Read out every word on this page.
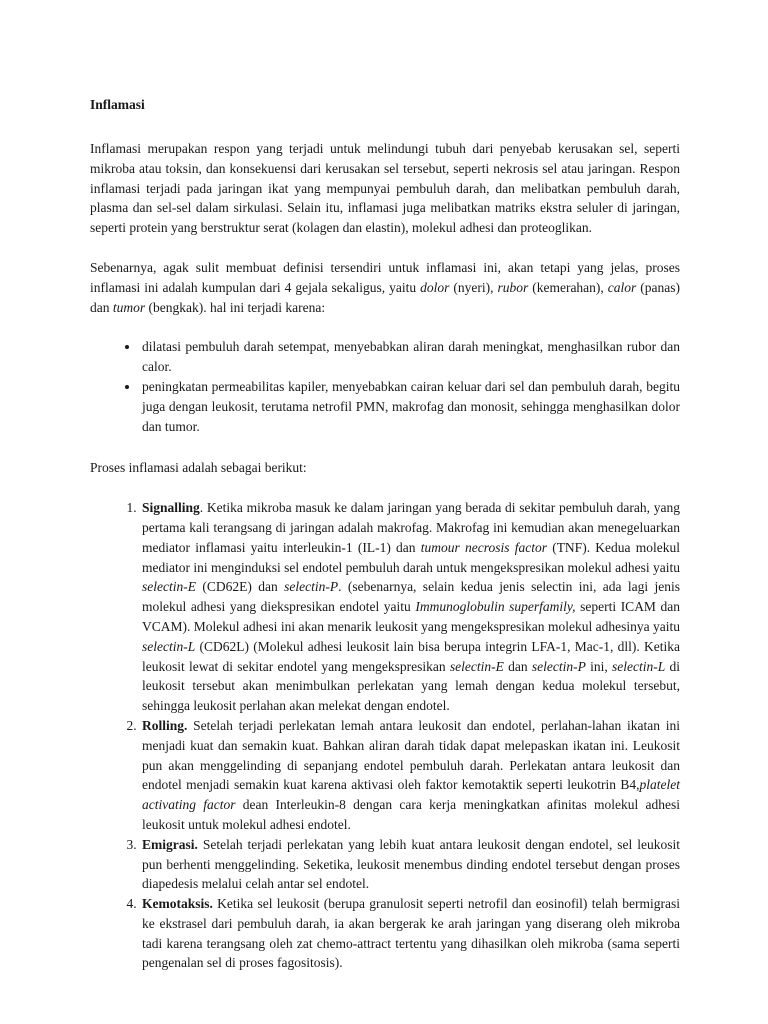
Inflamasi

Inflamasi merupakan respon yang terjadi untuk melindungi tubuh dari penyebab kerusakan sel, seperti mikroba atau toksin, dan konsekuensi dari kerusakan sel tersebut, seperti nekrosis sel atau jaringan. Respon inflamasi terjadi pada jaringan ikat yang mempunyai pembuluh darah, dan melibatkan pembuluh darah, plasma dan sel-sel dalam sirkulasi. Selain itu, inflamasi juga melibatkan matriks ekstra seluler di jaringan, seperti protein yang berstruktur serat (kolagen dan elastin), molekul adhesi dan proteoglikan.

Sebenarnya, agak sulit membuat definisi tersendiri untuk inflamasi ini, akan tetapi yang jelas, proses inflamasi ini adalah kumpulan dari 4 gejala sekaligus, yaitu dolor (nyeri), rubor (kemerahan), calor (panas) dan tumor (bengkak). hal ini terjadi karena:

• dilatasi pembuluh darah setempat, menyebabkan aliran darah meningkat, menghasilkan rubor dan calor.
• peningkatan permeabilitas kapiler, menyebabkan cairan keluar dari sel dan pembuluh darah, begitu juga dengan leukosit, terutama netrofil PMN, makrofag dan monosit, sehingga menghasilkan dolor dan tumor.

Proses inflamasi adalah sebagai berikut:

1. Signalling. Ketika mikroba masuk ke dalam jaringan yang berada di sekitar pembuluh darah, yang pertama kali terangsang di jaringan adalah makrofag. Makrofag ini kemudian akan menegeluarkan mediator inflamasi yaitu interleukin-1 (IL-1) dan tumour necrosis factor (TNF). Kedua molekul mediator ini menginduksi sel endotel pembuluh darah untuk mengekspresikan molekul adhesi yaitu selectin-E (CD62E) dan selectin-P. (sebenarnya, selain kedua jenis selectin ini, ada lagi jenis molekul adhesi yang diekspresikan endotel yaitu Immunoglobulin superfamily, seperti ICAM dan VCAM). Molekul adhesi ini akan menarik leukosit yang mengekspresikan molekul adhesinya yaitu selectin-L (CD62L) (Molekul adhesi leukosit lain bisa berupa integrin LFA-1, Mac-1, dll). Ketika leukosit lewat di sekitar endotel yang mengekspresikan selectin-E dan selectin-P ini, selectin-L di leukosit tersebut akan menimbulkan perlekatan yang lemah dengan kedua molekul tersebut, sehingga leukosit perlahan akan melekat dengan endotel.
2. Rolling. Setelah terjadi perlekatan lemah antara leukosit dan endotel, perlahan-lahan ikatan ini menjadi kuat dan semakin kuat. Bahkan aliran darah tidak dapat melepaskan ikatan ini. Leukosit pun akan menggelinding di sepanjang endotel pembuluh darah. Perlekatan antara leukosit dan endotel menjadi semakin kuat karena aktivasi oleh faktor kemotaktik seperti leukotrin B4,platelet activating factor dean Interleukin-8 dengan cara kerja meningkatkan afinitas molekul adhesi leukosit untuk molekul adhesi endotel.
3. Emigrasi. Setelah terjadi perlekatan yang lebih kuat antara leukosit dengan endotel, sel leukosit pun berhenti menggelinding. Seketika, leukosit menembus dinding endotel tersebut dengan proses diapedesis melalui celah antar sel endotel.
4. Kemotaksis. Ketika sel leukosit (berupa granulosit seperti netrofil dan eosinofil) telah bermigrasi ke ekstrasel dari pembuluh darah, ia akan bergerak ke arah jaringan yang diserang oleh mikroba tadi karena terangsang oleh zat chemo-attract tertentu yang dihasilkan oleh mikroba (sama seperti pengenalan sel di proses fagositosis).
